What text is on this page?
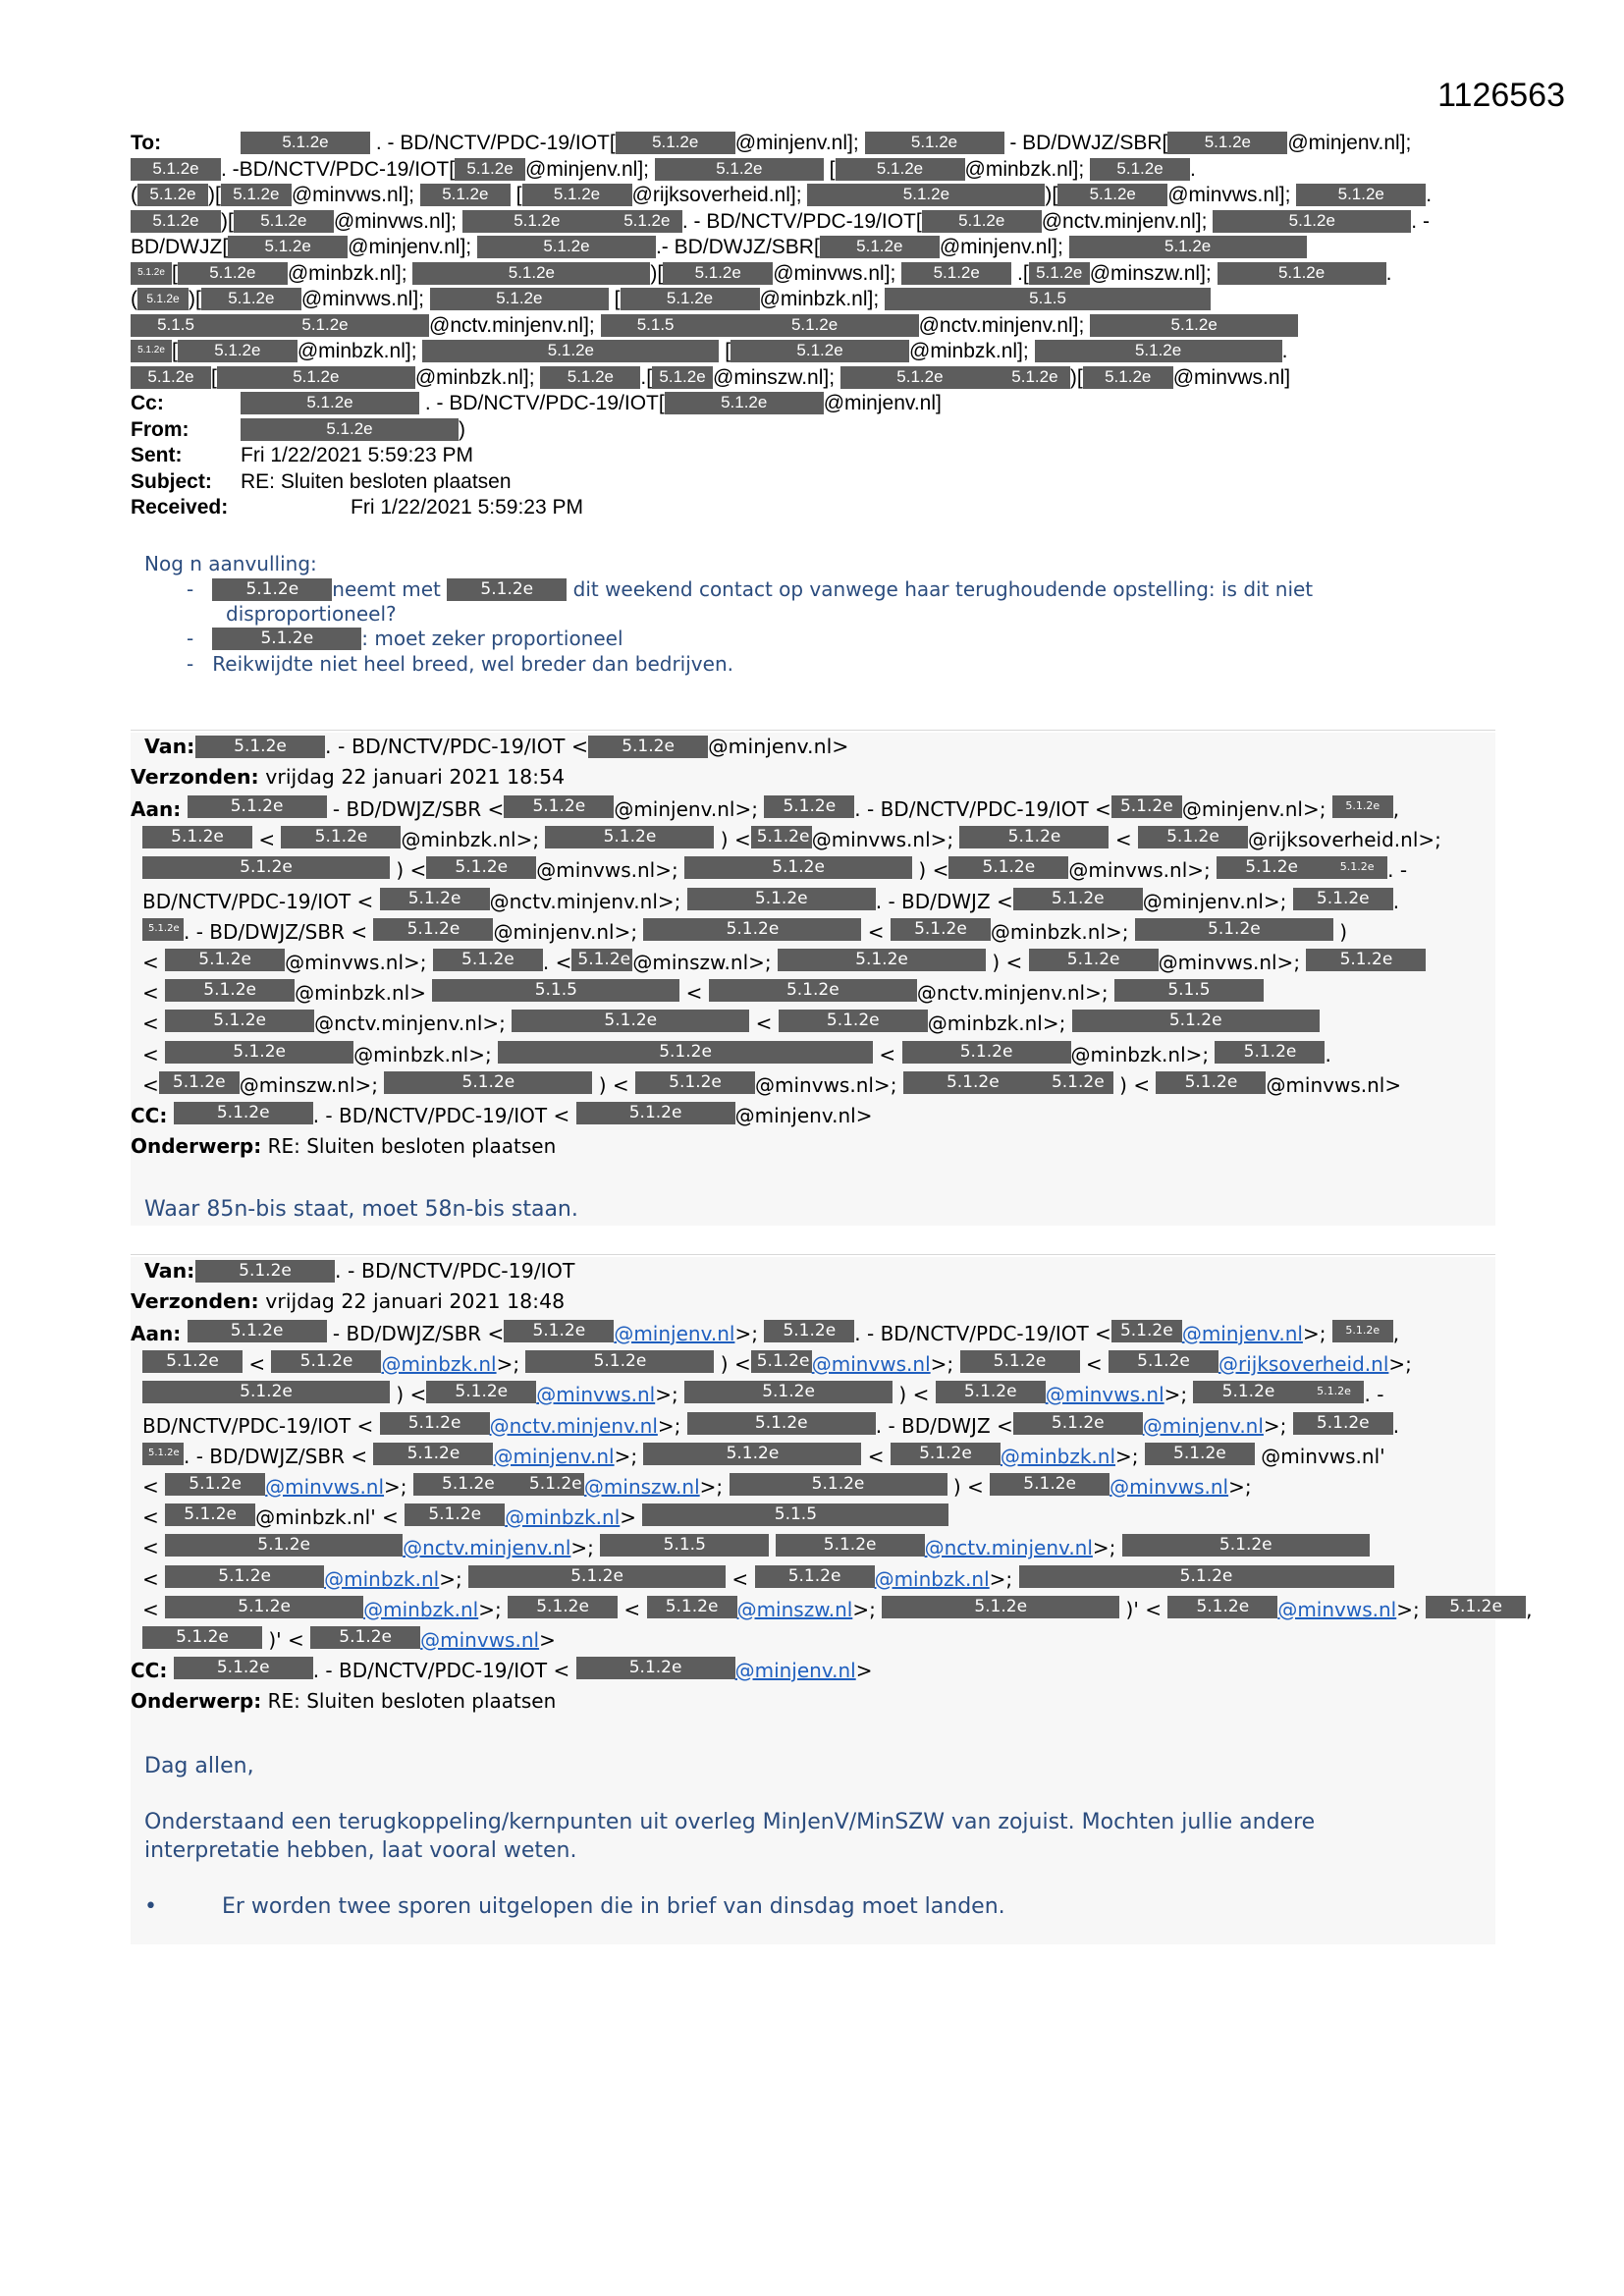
1126563
To:	5.1.2e . - BD/NCTV/PDC-19/IOT[ 5.1.2e @minjenv.nl];	5.1.2e - BD/DWJZ/SBR[ 5.1.2e @minjenv.nl];
5.1.2e . -BD/NCTV/PDC-19/IOT[ 5.1.2e @minjenv.nl];	5.1.2e	[ 5.1.2e @minbzk.nl]; 5.1.2e .
( 5.1.2e )[ 5.1.2e @minvws.nl]; 5.1.2e [ 5.1.2e @rijksoverheid.nl];	5.1.2e	)[ 5.1.2e @minvws.nl]; 5.1.2e .
5.1.2e )[ 5.1.2e @minvws.nl];	5.1.2e	5.1.2e . - BD/NCTV/PDC-19/IOT[ 5.1.2e @nctv.minjenv.nl];	5.1.2e	. -
BD/DWJZ[ 5.1.2e @minjenv.nl];	5.1.2e	.- BD/DWJZ/SBR[ 5.1.2e @minjenv.nl];	5.1.2e
5.1.2e [ 5.1.2e @minbzk.nl];	5.1.2e	)[ 5.1.2e @minvws.nl]; 5.1.2e .[ 5.1.2e @minszw.nl];	5.1.2e	.
( 5.1.2e )[ 5.1.2e @minvws.nl];	5.1.2e	[	5.1.2e @minbzk.nl];	5.1.5
5.1.5	5.1.2e	@nctv.minjenv.nl]; 5.1.5	5.1.2e	@nctv.minjenv.nl];	5.1.2e
5.1.2e [ 5.1.2e @minbzk.nl];	5.1.2e	[	5.1.2e	@minbzk.nl];	5.1.2e	.
5.1.2e [	5.1.2e	@minbzk.nl]; 5.1.2e .[ 5.1.2e @minszw.nl];	5.1.2e	5.1.2e )[ 5.1.2e @minvws.nl]
Cc:	5.1.2e	. - BD/NCTV/PDC-19/IOT[	5.1.2e	@minjenv.nl]
From:	5.1.2e	)
Sent:	Fri 1/22/2021 5:59:23 PM
Subject: RE: Sluiten besloten plaatsen
Received:	Fri 1/22/2021 5:59:23 PM
Nog n aanvulling:
-   5.1.2e neemt met 5.1.2e dit weekend contact op vanwege haar terughoudende opstelling: is dit niet
disproportioneel?
-	5.1.2e : moet zeker proportioneel
-   Reikwijdte niet heel breed, wel breder dan bedrijven.
Van: 5.1.2e . - BD/NCTV/PDC-19/IOT < 5.1.2e @minjenv.nl>
Verzonden: vrijdag 22 januari 2021 18:54
Aan:	5.1.2e - BD/DWJZ/SBR < 5.1.2e @minjenv.nl>; 5.1.2e . - BD/NCTV/PDC-19/IOT < 5.1.2e @minjenv.nl>; 5.1.2e ,
5.1.2e < 5.1.2e @minbzk.nl>;	5.1.2e	) < 5.1.2e @minvws.nl>;	5.1.2e < 5.1.2e @rijksoverheid.nl>;
5.1.2e	) < 5.1.2e @minvws.nl>;	5.1.2e	) < 5.1.2e @minvws.nl>; 5.1.2e	5.1.2e . -
BD/NCTV/PDC-19/IOT < 5.1.2e @nctv.minjenv.nl>;	5.1.2e	. - BD/DWJZ < 5.1.2e @minjenv.nl>; 5.1.2e .
5.1.2e . - BD/DWJZ/SBR < 5.1.2e @minjenv.nl>;	5.1.2e	< 5.1.2e @minbzk.nl>;	5.1.2e	)
< 5.1.2e @minvws.nl>; 5.1.2e . < 5.1.2e @minszw.nl>;	5.1.2e	) < 5.1.2e @minvws.nl>; 5.1.2e
< 5.1.2e @minbzk.nl>	5.1.5	<	5.1.2e	@nctv.minjenv.nl>;	5.1.5
<	5.1.2e @nctv.minjenv.nl>;	5.1.2e	<	5.1.2e @minbzk.nl>;	5.1.2e
<	5.1.2e	@minbzk.nl>;	5.1.2e	<	5.1.2e	@minbzk.nl>; 5.1.2e .
< 5.1.2e @minszw.nl>;	5.1.2e	) < 5.1.2e @minvws.nl>;	5.1.2e	5.1.2e ) < 5.1.2e @minvws.nl>
CC:	5.1.2e . - BD/NCTV/PDC-19/IOT <	5.1.2e	@minjenv.nl>
Onderwerp: RE: Sluiten besloten plaatsen
Waar 85n-bis staat, moet 58n-bis staan.
Van:	5.1.2e . - BD/NCTV/PDC-19/IOT
Verzonden: vrijdag 22 januari 2021 18:48
Aan:	5.1.2e - BD/DWJZ/SBR < 5.1.2e @minjenv.nl>; 5.1.2e . - BD/NCTV/PDC-19/IOT < 5.1.2e @minjenv.nl>; 5.1.2e ,
5.1.2e < 5.1.2e @minbzk.nl>;	5.1.2e	) < 5.1.2e @minvws.nl>; 5.1.2e < 5.1.2e @rijksoverheid.nl>;
5.1.2e	) < 5.1.2e @minvws.nl>;	5.1.2e	) < 5.1.2e @minvws.nl>; 5.1.2e	5.1.2e . -
BD/NCTV/PDC-19/IOT < 5.1.2e @nctv.minjenv.nl>;	5.1.2e	. - BD/DWJZ < 5.1.2e @minjenv.nl>; 5.1.2e .
5.1.2e . - BD/DWJZ/SBR < 5.1.2e @minjenv.nl>;	5.1.2e	< 5.1.2e @minbzk.nl>; 5.1.2e @minvws.nl'
< 5.1.2e @minvws.nl>; 5.1.2e 5.1.2e @minszw.nl>;	5.1.2e	) < 5.1.2e @minvws.nl>;
< 5.1.2e @minbzk.nl' < 5.1.2e @minbzk.nl>	5.1.5
<	5.1.2e	@nctv.minjenv.nl>;	5.1.5	5.1.2e @nctv.minjenv.nl>;	5.1.2e
<	5.1.2e	@minbzk.nl>;	5.1.2e	< 5.1.2e @minbzk.nl>;	5.1.2e
<	5.1.2e	@minbzk.nl>; 5.1.2e < 5.1.2e @minszw.nl>;	5.1.2e	)' < 5.1.2e @minvws.nl>; 5.1.2e ,
5.1.2e )' < 5.1.2e @minvws.nl>
CC:	5.1.2e . - BD/NCTV/PDC-19/IOT <	5.1.2e	@minjenv.nl>
Onderwerp: RE: Sluiten besloten plaatsen
Dag allen,
Onderstaand een terugkoppeling/kernpunten uit overleg MinJenV/MinSZW van zojuist. Mochten jullie andere
interpretatie hebben, laat vooral weten.
•	Er worden twee sporen uitgelopen die in brief van dinsdag moet landen.
